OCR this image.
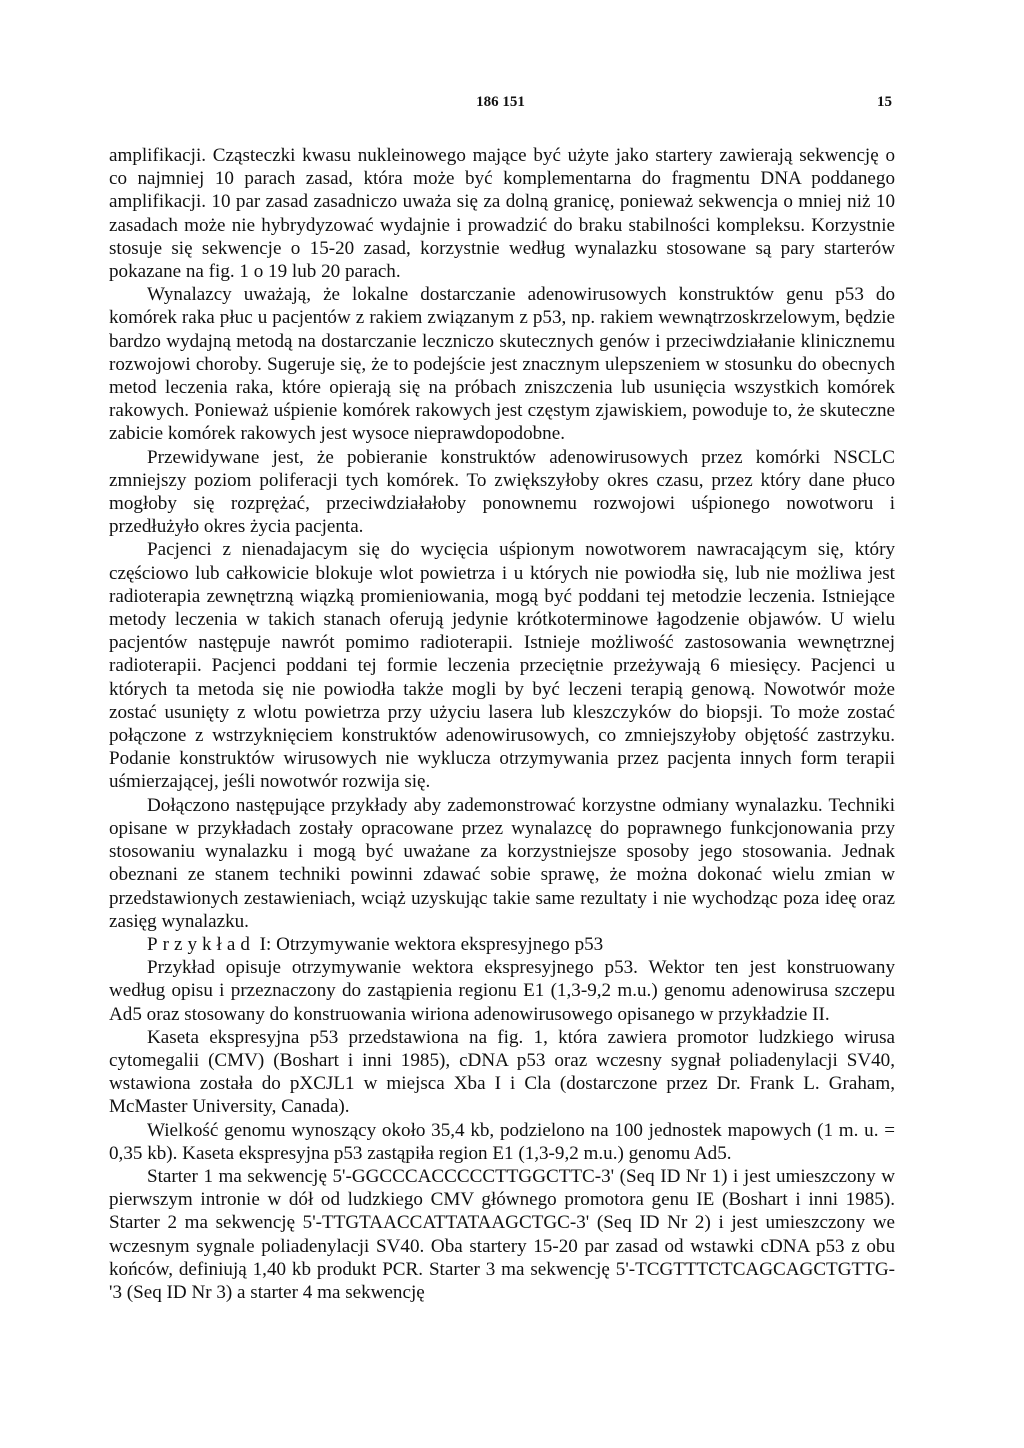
186 151	15

amplifikacji. Cząsteczki kwasu nukleinowego mające być użyte jako startery zawierają sekwencję o co najmniej 10 parach zasad, która może być komplementarna do fragmentu DNA poddanego amplifikacji. 10 par zasad zasadniczo uważa się za dolną granicę, ponieważ sekwencja o mniej niż 10 zasadach może nie hybrydyzować wydajnie i prowadzić do braku stabilności kompleksu. Korzystnie stosuje się sekwencje o 15-20 zasad, korzystnie według wynalazku stosowane są pary starterów pokazane na fig. 1 o 19 lub 20 parach.

Wynalazcy uważają, że lokalne dostarczanie adenowirusowych konstruktów genu p53 do komórek raka płuc u pacjentów z rakiem związanym z p53, np. rakiem wewnątrzoskrzelowym, będzie bardzo wydajną metodą na dostarczanie leczniczo skutecznych genów i przeciwdziałanie klinicznemu rozwojowi choroby. Sugeruje się, że to podejście jest znacznym ulepszeniem w stosunku do obecnych metod leczenia raka, które opierają się na próbach zniszczenia lub usunięcia wszystkich komórek rakowych. Ponieważ uśpienie komórek rakowych jest częstym zjawiskiem, powoduje to, że skuteczne zabicie komórek rakowych jest wysoce nieprawdopodobne.

Przewidywane jest, że pobieranie konstruktów adenowirusowych przez komórki NSCLC zmniejszy poziom poliferacji tych komórek. To zwiększyłoby okres czasu, przez który dane płuco mogłoby się rozprężać, przeciwdziałałoby ponownemu rozwojowi uśpionego nowotworu i przedłużyło okres życia pacjenta.

Pacjenci z nienadajacym się do wycięcia uśpionym nowotworem nawracającym się, który częściowo lub całkowicie blokuje wlot powietrza i u których nie powiodła się, lub nie możliwa jest radioterapia zewnętrzną wiązką promieniowania, mogą być poddani tej metodzie leczenia. Istniejące metody leczenia w takich stanach oferują jedynie krótkoterminowe łagodzenie objawów. U wielu pacjentów następuje nawrót pomimo radioterapii. Istnieje możliwość zastosowania wewnętrznej radioterapii. Pacjenci poddani tej formie leczenia przeciętnie przeżywają 6 miesięcy. Pacjenci u których ta metoda się nie powiodła także mogli by być leczeni terapią genową. Nowotwór może zostać usunięty z wlotu powietrza przy użyciu lasera lub kleszczyków do biopsji. To może zostać połączone z wstrzyknięciem konstruktów adenowirusowych, co zmniejszyłoby objętość zastrzyku. Podanie konstruktów wirusowych nie wyklucza otrzymywania przez pacjenta innych form terapii uśmierzającej, jeśli nowotwór rozwija się.

Dołączono następujące przykłady aby zademonstrować korzystne odmiany wynalazku. Techniki opisane w przykładach zostały opracowane przez wynalazcę do poprawnego funkcjonowania przy stosowaniu wynalazku i mogą być uważane za korzystniejsze sposoby jego stosowania. Jednak obeznani ze stanem techniki powinni zdawać sobie sprawę, że można dokonać wielu zmian w przedstawionych zestawieniach, wciąż uzyskując takie same rezultaty i nie wychodząc poza ideę oraz zasięg wynalazku.

Przykład I: Otrzymywanie wektora ekspresyjnego p53

Przykład opisuje otrzymywanie wektora ekspresyjnego p53. Wektor ten jest konstruowany według opisu i przeznaczony do zastąpienia regionu E1 (1,3-9,2 m.u.) genomu adenowirusa szczepu Ad5 oraz stosowany do konstruowania wiriona adenowirusowego opisanego w przykładzie II.

Kaseta ekspresyjna p53 przedstawiona na fig. 1, która zawiera promotor ludzkiego wirusa cytomegalii (CMV) (Boshart i inni 1985), cDNA p53 oraz wczesny sygnał poliadenylacji SV40, wstawiona została do pXCJL1 w miejsca Xba I i Cla (dostarczone przez Dr. Frank L. Graham, McMaster University, Canada).

Wielkość genomu wynoszący około 35,4 kb, podzielono na 100 jednostek mapowych (1 m. u. = 0,35 kb). Kaseta ekspresyjna p53 zastąpiła region E1 (1,3-9,2 m.u.) genomu Ad5.

Starter 1 ma sekwencję 5'-GGCCCACCCCCTTGGCTTC-3' (Seq ID Nr 1) i jest umieszczony w pierwszym intronie w dół od ludzkiego CMV głównego promotora genu IE (Boshart i inni 1985). Starter 2 ma sekwencję 5'-TTGTAACCATTATAAGCTGC-3' (Seq ID Nr 2) i jest umieszczony we wczesnym sygnale poliadenylacji SV40. Oba startery 15-20 par zasad od wstawki cDNA p53 z obu końców, definiują 1,40 kb produkt PCR. Starter 3 ma sekwencję 5'-TCGTTTCTCAGCAGCTGTTG-'3 (Seq ID Nr 3) a starter 4 ma sekwencję
